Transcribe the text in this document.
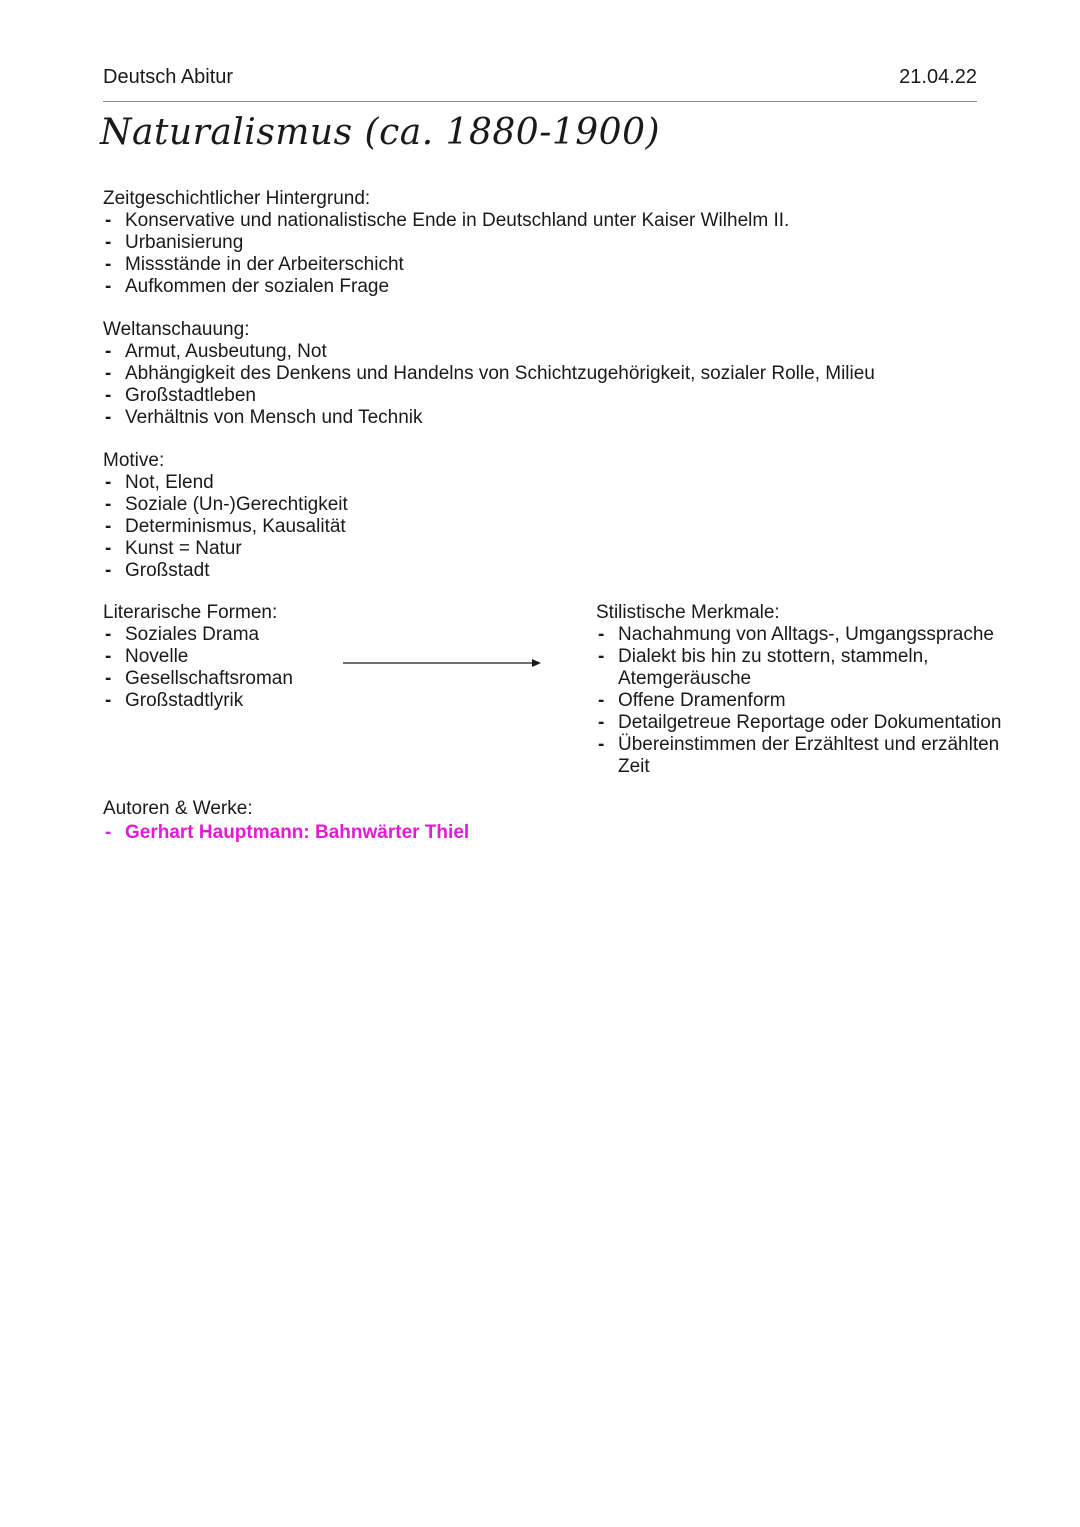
Deutsch Abitur	21.04.22
Naturalismus (ca. 1880-1900)
Zeitgeschichtlicher Hintergrund:
- Konservative und nationalistische Ende in Deutschland unter Kaiser Wilhelm II.
- Urbanisierung
- Missstände in der Arbeiterschicht
- Aufkommen der sozialen Frage
Weltanschauung:
- Armut, Ausbeutung, Not
- Abhängigkeit des Denkens und Handelns von Schichtzugehörigkeit, sozialer Rolle, Milieu
- Großstadtleben
- Verhältnis von Mensch und Technik
Motive:
- Not, Elend
- Soziale (Un-)Gerechtigkeit
- Determinismus, Kausalität
- Kunst = Natur
- Großstadt
Literarische Formen:
- Soziales Drama
- Novelle
- Gesellschaftsroman
- Großstadtlyrik
Stilistische Merkmale:
- Nachahmung von Alltags-, Umgangssprache
- Dialekt bis hin zu stottern, stammeln, Atemgeräusche
- Offene Dramenform
- Detailgetreue Reportage oder Dokumentation
- Übereinstimmen der Erzähltest und erzählten Zeit
Autoren & Werke:
- Gerhart Hauptmann: Bahnwärter Thiel
